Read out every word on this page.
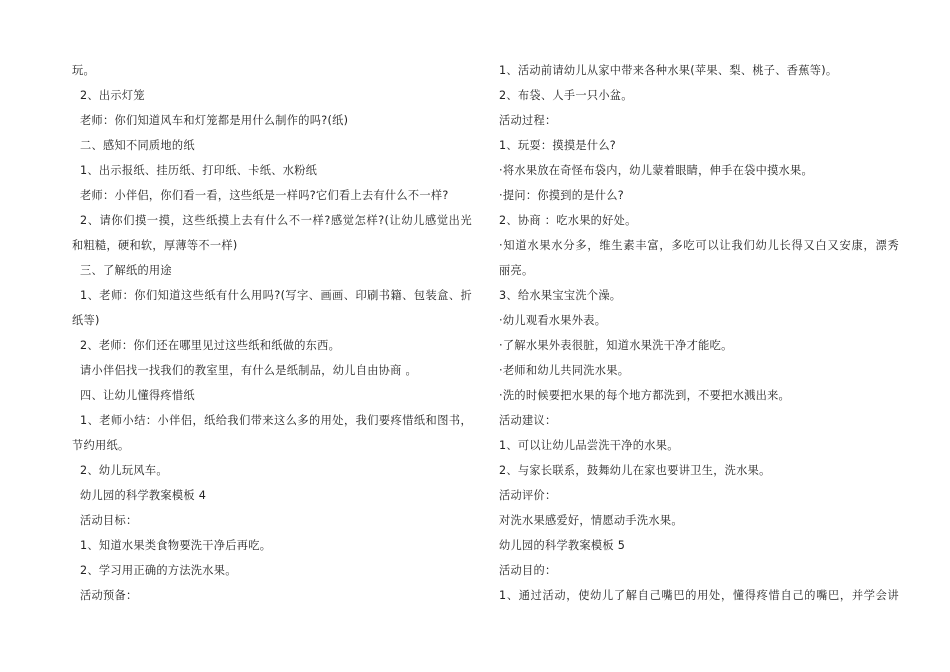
玩。
2、出示灯笼
老师：你们知道风车和灯笼都是用什么制作的吗?(纸)
二、感知不同质地的纸
1、出示报纸、挂历纸、打印纸、卡纸、水粉纸
老师：小伴侣，你们看一看，这些纸是一样吗?它们看上去有什么不一样?
2、请你们摸一摸，这些纸摸上去有什么不一样?感觉怎样?(让幼儿感觉出光
和粗糙，硬和软，厚薄等不一样)
三、了解纸的用途
1、老师：你们知道这些纸有什么用吗?(写字、画画、印刷书籍、包装盒、折
纸等)
2、老师：你们还在哪里见过这些纸和纸做的东西。
请小伴侣找一找我们的教室里，有什么是纸制品，幼儿自由协商 。
四、让幼儿懂得疼惜纸
1、老师小结：小伴侣，纸给我们带来这么多的用处，我们要疼惜纸和图书，
节约用纸。
2、幼儿玩风车。
幼儿园的科学教案模板 4
活动目标：
1、知道水果类食物要洗干净后再吃。
2、学习用正确的方法洗水果。
活动预备：
1、活动前请幼儿从家中带来各种水果(苹果、梨、桃子、香蕉等)。
2、布袋、人手一只小盆。
活动过程：
1、玩耍：摸摸是什么?
·将水果放在奇怪布袋内，幼儿蒙着眼睛，伸手在袋中摸水果。
·提问：你摸到的是什么?
2、协商 ：吃水果的好处。
·知道水果水分多，维生素丰富，多吃可以让我们幼儿长得又白又安康，漂秀
丽亮。
3、给水果宝宝洗个澡。
·幼儿观看水果外表。
·了解水果外表很脏，知道水果洗干净才能吃。
·老师和幼儿共同洗水果。
·洗的时候要把水果的每个地方都洗到，不要把水溅出来。
活动建议：
1、可以让幼儿品尝洗干净的水果。
2、与家长联系，鼓舞幼儿在家也要讲卫生，洗水果。
活动评价：
对洗水果感爱好，情愿动手洗水果。
幼儿园的科学教案模板 5
活动目的：
1、通过活动，使幼儿了解自己嘴巴的用处，懂得疼惜自己的嘴巴，并学会讲
